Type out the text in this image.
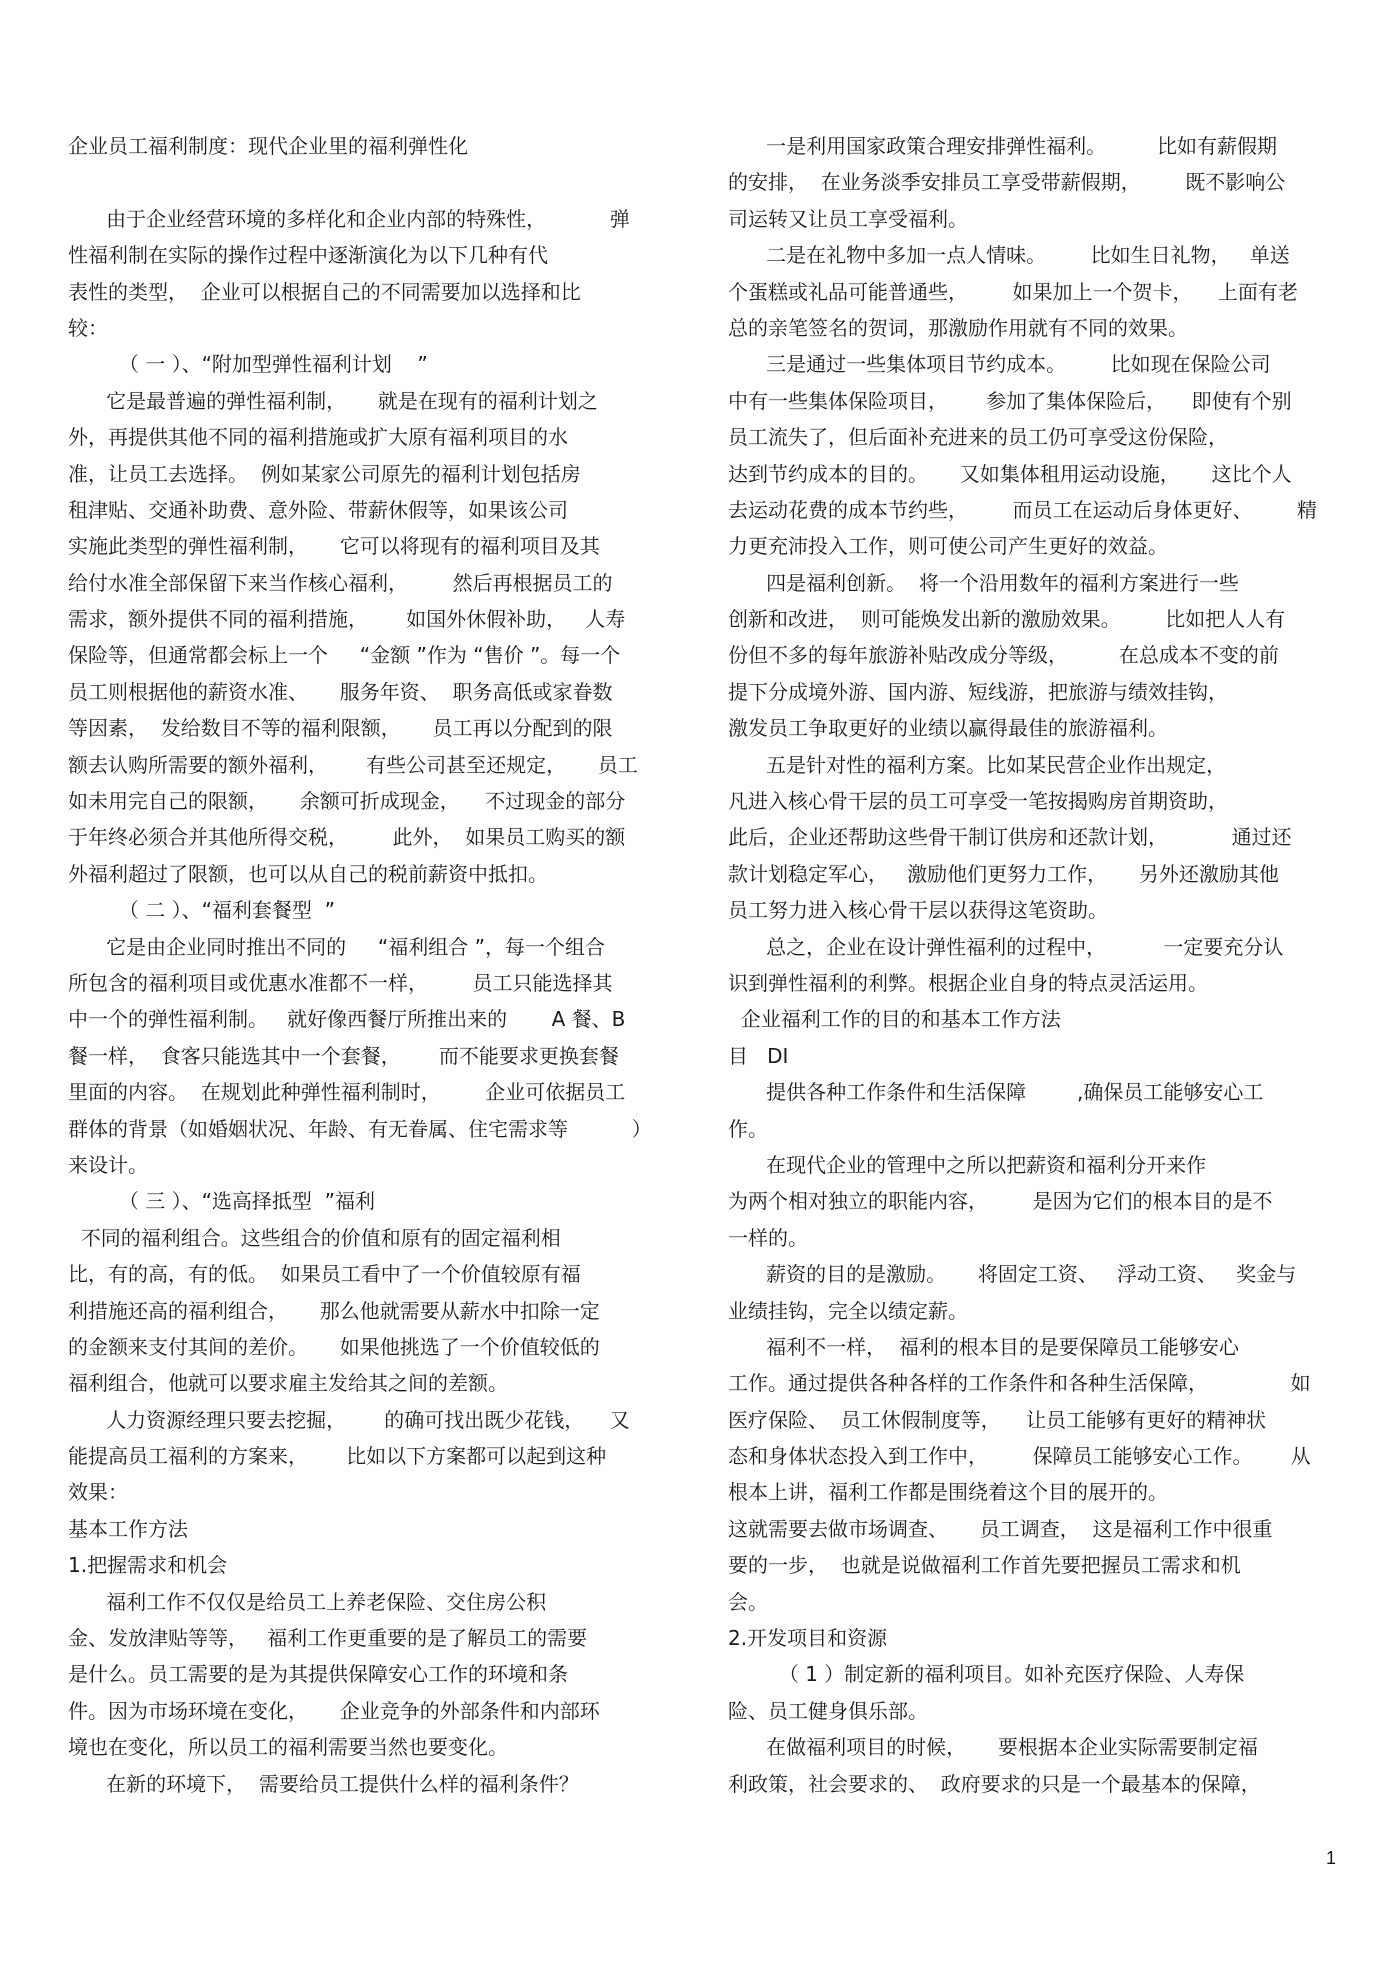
企业员工福利制度：现代企业里的福利弹性化
由于企业经营环境的多样化和企业内部的特殊性，          弹
性福利制在实际的操作过程中逐渐演化为以下几种有代
表性的类型，  企业可以根据自己的不同需要加以选择和比
较：
（ 一 ）、“附加型弹性福利计划    ”
它是最普遍的弹性福利制，     就是在现有的福利计划之
外，再提供其他不同的福利措施或扩大原有福利项目的水
准，让员工去选择。  例如某家公司原先的福利计划包括房
租津贴、交通补助费、意外险、带薪休假等，如果该公司
实施此类型的弹性福利制，     它可以将现有的福利项目及其
给付水准全部保留下来当作核心福利，       然后再根据员工的
需求，额外提供不同的福利措施，      如国外休假补助，   人寿
保险等，但通常都会标上一个     “金额 ”作为 “售价 ”。每一个
员工则根据他的薪资水准、     服务年资、  职务高低或家眷数
等因素，  发给数目不等的福利限额，     员工再以分配到的限
额去认购所需要的额外福利，      有些公司甚至还规定，     员工
如未用完自己的限额，     余额可折成现金，    不过现金的部分
于年终必须合并其他所得交税，       此外，  如果员工购买的额
外福利超过了限额，也可以从自己的税前薪资中抵扣。
（ 二 ）、“福利套餐型  ”
它是由企业同时推出不同的     “福利组合 ”，每一个组合
所包含的福利项目或优惠水准都不一样，       员工只能选择其
中一个的弹性福利制。   就好像西餐厅所推出来的       A 餐、B
餐一样，  食客只能选其中一个套餐，      而不能要求更换套餐
里面的内容。  在规划此种弹性福利制时，       企业可依据员工
群体的背景（如婚姻状况、年龄、有无眷属、住宅需求等          ）
来设计。
（ 三 ）、“选高择抵型  ”福利
不同的福利组合。这些组合的价值和原有的固定福利相
比，有的高，有的低。  如果员工看中了一个价值较原有福
利措施还高的福利组合，     那么他就需要从薪水中扣除一定
的金额来支付其间的差价。     如果他挑选了一个价值较低的
福利组合，他就可以要求雇主发给其之间的差额。
人力资源经理只要去挖掘，      的确可找出既少花钱，    又
能提高员工福利的方案来，      比如以下方案都可以起到这种
效果：
基本工作方法
1.把握需求和机会
福利工作不仅仅是给员工上养老保险、交住房公积
金、发放津贴等等，   福利工作更重要的是了解员工的需要
是什么。员工需要的是为其提供保障安心工作的环境和条
件。因为市场环境在变化，     企业竞争的外部条件和内部环
境也在变化，所以员工的福利需要当然也要变化。
在新的环境下，  需要给员工提供什么样的福利条件？
一是利用国家政策合理安排弹性福利。        比如有薪假期
的安排，  在业务淡季安排员工享受带薪假期，       既不影响公
司运转又让员工享受福利。
二是在礼物中多加一点人情味。       比如生日礼物，   单送
个蛋糕或礼品可能普通些，       如果加上一个贺卡，    上面有老
总的亲笔签名的贺词，那激励作用就有不同的效果。
三是通过一些集体项目节约成本。       比如现在保险公司
中有一些集体保险项目，      参加了集体保险后，    即使有个别
员工流失了，但后面补充进来的员工仍可享受这份保险，
达到节约成本的目的。     又如集体租用运动设施，     这比个人
去运动花费的成本节约些，       而员工在运动后身体更好、       精
力更充沛投入工作，则可使公司产生更好的效益。
四是福利创新。  将一个沿用数年的福利方案进行一些
创新和改进，  则可能焕发出新的激励效果。       比如把人人有
份但不多的每年旅游补贴改成分等级，        在总成本不变的前
提下分成境外游、国内游、短线游，把旅游与绩效挂钩，
激发员工争取更好的业绩以赢得最佳的旅游福利。
五是针对性的福利方案。比如某民营企业作出规定，
凡进入核心骨干层的员工可享受一笔按揭购房首期资助，
此后，企业还帮助这些骨干制订供房和还款计划，          通过还
款计划稳定军心，   激励他们更努力工作，     另外还激励其他
员工努力进入核心骨干层以获得这笔资助。
总之，企业在设计弹性福利的过程中，         一定要充分认
识到弹性福利的利弊。根据企业自身的特点灵活运用。
企业福利工作的目的和基本工作方法
目   DI
提供各种工作条件和生活保障        ,确保员工能够安心工
作。
在现代企业的管理中之所以把薪资和福利分开来作
为两个相对独立的职能内容，       是因为它们的根本目的是不
一样的。
薪资的目的是激励。     将固定工资、   浮动工资、   奖金与
业绩挂钩，完全以绩定薪。
福利不一样，  福利的根本目的是要保障员工能够安心
工作。通过提供各种各样的工作条件和各种生活保障，             如
医疗保险、  员工休假制度等，    让员工能够有更好的精神状
态和身体状态投入到工作中，       保障员工能够安心工作。      从
根本上讲，福利工作都是围绕着这个目的展开的。
这就需要去做市场调查、     员工调查，  这是福利工作中很重
要的一步，  也就是说做福利工作首先要把握员工需求和机
会。
2.开发项目和资源
（ 1 ）制定新的福利项目。如补充医疗保险、人寿保
险、员工健身俱乐部。
在做福利项目的时候，     要根据本企业实际需要制定福
利政策，社会要求的、  政府要求的只是一个最基本的保障，
1
